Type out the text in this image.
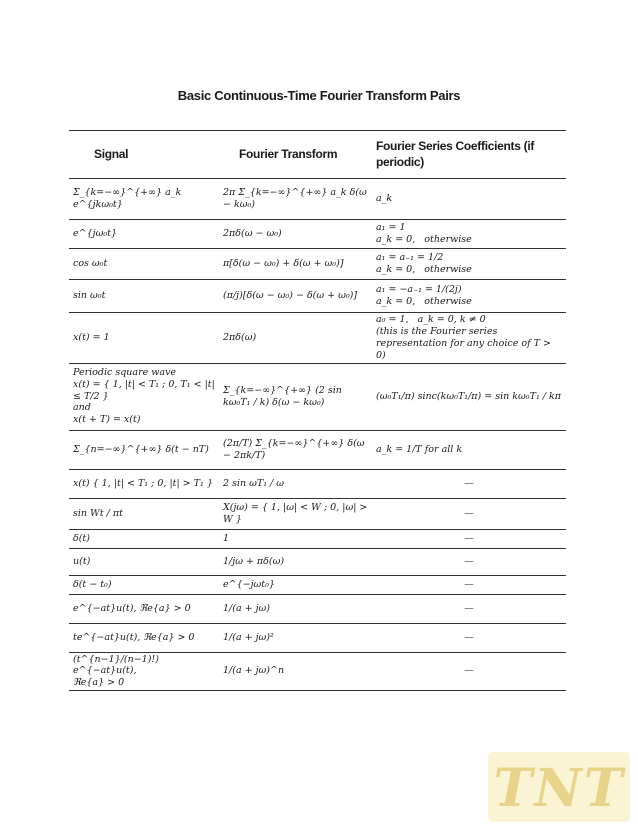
Basic Continuous-Time Fourier Transform Pairs
Signal	Fourier Transform	Fourier Series Coefficients (if periodic)

Σ_{k=−∞}^{+∞} a_k e^{jkω₀t}	2π Σ_{k=−∞}^{+∞} a_k δ(ω − kω₀)	a_k

e^{jω₀t}	2πδ(ω − ω₀)	a₁ = 1
a_k = 0,   otherwise

cos ω₀t	π[δ(ω − ω₀) + δ(ω + ω₀)]	a₁ = a₋₁ = 1/2
a_k = 0,   otherwise

sin ω₀t	(π/j)[δ(ω − ω₀) − δ(ω + ω₀)]	a₁ = −a₋₁ = 1/(2j)
a_k = 0,   otherwise

x(t) = 1	2πδ(ω)	a₀ = 1,   a_k = 0, k ≠ 0
(this is the Fourier series representation for any choice of T > 0)

Periodic square wave
x(t) = { 1, |t| < T₁ ; 0, T₁ < |t| ≤ T/2 }
and
x(t + T) = x(t)	Σ_{k=−∞}^{+∞} (2 sin kω₀T₁ / k) δ(ω − kω₀)	(ω₀T₁/π) sinc(kω₀T₁/π) = sin kω₀T₁ / kπ

Σ_{n=−∞}^{+∞} δ(t − nT)	(2π/T) Σ_{k=−∞}^{+∞} δ(ω − 2πk/T)	a_k = 1/T for all k

x(t) { 1, |t| < T₁ ; 0, |t| > T₁ }	2 sin ωT₁ / ω	—

sin Wt / πt	X(jω) = { 1, |ω| < W ; 0, |ω| > W }	—

δ(t)	1	—

u(t)	1/jω + πδ(ω)	—

δ(t − t₀)	e^{−jωt₀}	—

e^{−at}u(t), ℜe{a} > 0	1/(a + jω)	—

te^{−at}u(t), ℜe{a} > 0	1/(a + jω)²	—

(t^{n−1}/(n−1)!) e^{−at}u(t),
ℜe{a} > 0	1/(a + jω)^n	—
TNT
